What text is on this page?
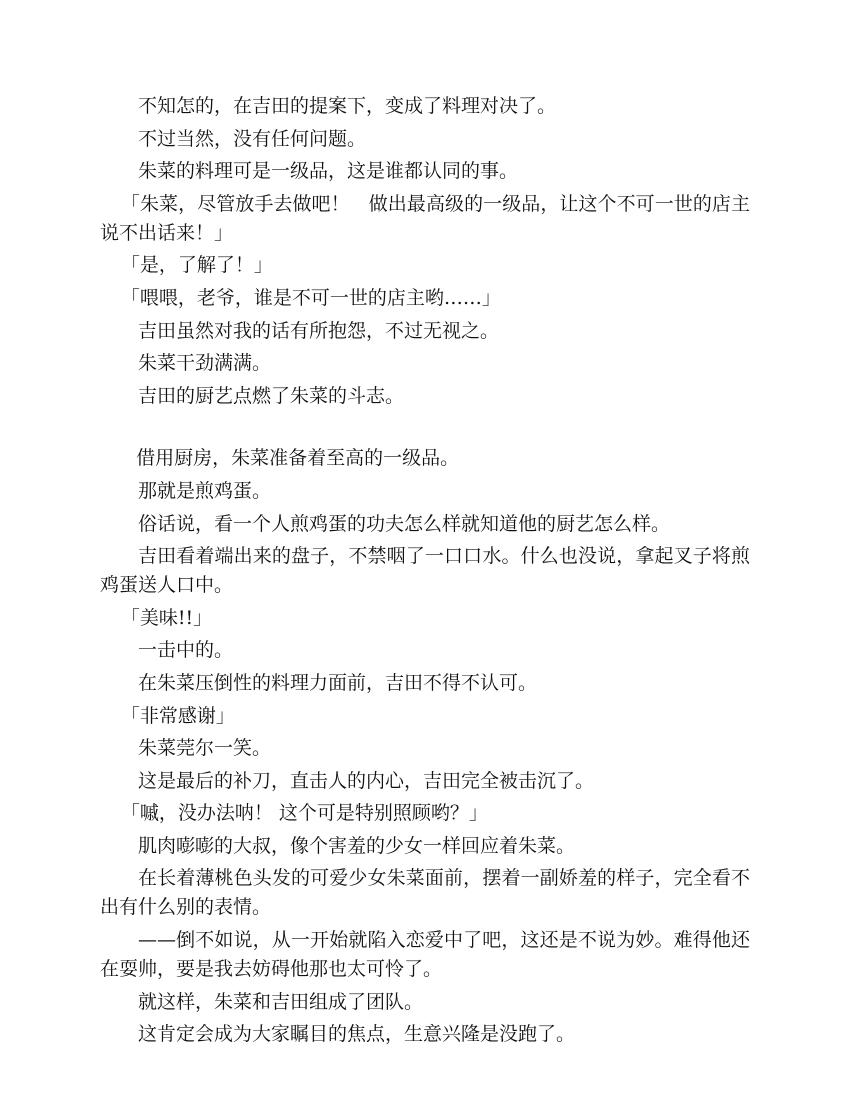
不知怎的，在吉田的提案下，变成了料理对决了。

不过当然，没有任何问题。

朱菜的料理可是一级品，这是谁都认同的事。

「朱菜，尽管放手去做吧！　做出最高级的一级品，让这个不可一世的店主说不出话来！」

「是，了解了！」

「喂喂，老爷，谁是不可一世的店主哟……」

吉田虽然对我的话有所抱怨，不过无视之。

朱菜干劲满满。

吉田的厨艺点燃了朱菜的斗志。

借用厨房，朱菜准备着至高的一级品。

那就是煎鸡蛋。

俗话说，看一个人煎鸡蛋的功夫怎么样就知道他的厨艺怎么样。

吉田看着端出来的盘子，不禁咽了一口口水。什么也没说，拿起叉子将煎鸡蛋送人口中。

「美味!!」

一击中的。

在朱菜压倒性的料理力面前，吉田不得不认可。

「非常感谢」

朱菜莞尔一笑。

这是最后的补刀，直击人的内心，吉田完全被击沉了。

「嘁，没办法呐！ 这个可是特别照顾哟？」

肌肉嘭嘭的大叔，像个害羞的少女一样回应着朱菜。

在长着薄桃色头发的可爱少女朱菜面前，摆着一副娇羞的样子，完全看不出有什么别的表情。

——倒不如说，从一开始就陷入恋爱中了吧，这还是不说为妙。难得他还在耍帅，要是我去妨碍他那也太可怜了。

就这样，朱菜和吉田组成了团队。

这肯定会成为大家瞩目的焦点，生意兴隆是没跑了。
